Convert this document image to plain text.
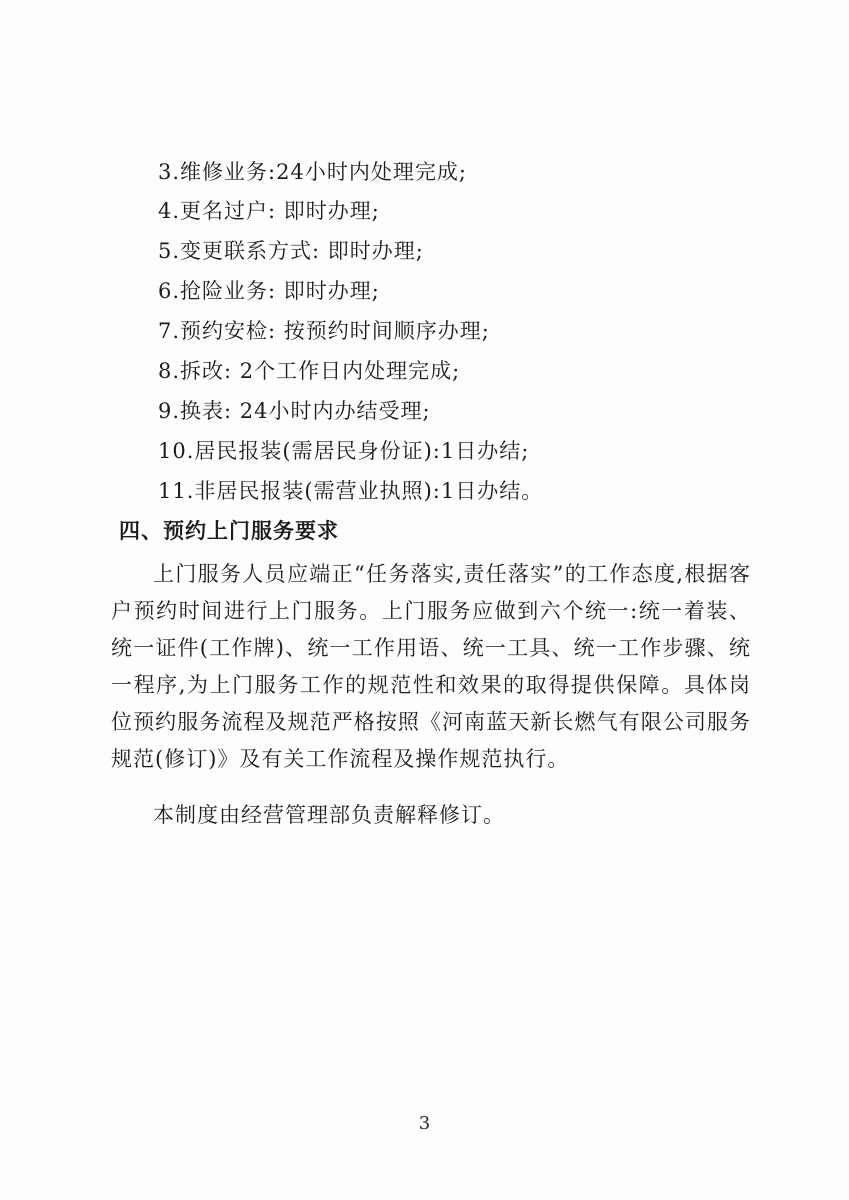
3.维修业务:24小时内处理完成;
4.更名过户: 即时办理;
5.变更联系方式: 即时办理;
6.抢险业务: 即时办理;
7.预约安检: 按预约时间顺序办理;
8.拆改: 2个工作日内处理完成;
9.换表: 24小时内办结受理;
10.居民报装(需居民身份证):1日办结;
11.非居民报装(需营业执照):1日办结。
四、预约上门服务要求
上门服务人员应端正“任务落实,责任落实”的工作态度,根据客户预约时间进行上门服务。上门服务应做到六个统一:统一着装、统一证件(工作牌)、统一工作用语、统一工具、统一工作步骤、统一程序,为上门服务工作的规范性和效果的取得提供保障。具体岗位预约服务流程及规范严格按照《河南蓝天新长燃气有限公司服务规范(修订)》及有关工作流程及操作规范执行。
本制度由经营管理部负责解释修订。
3
